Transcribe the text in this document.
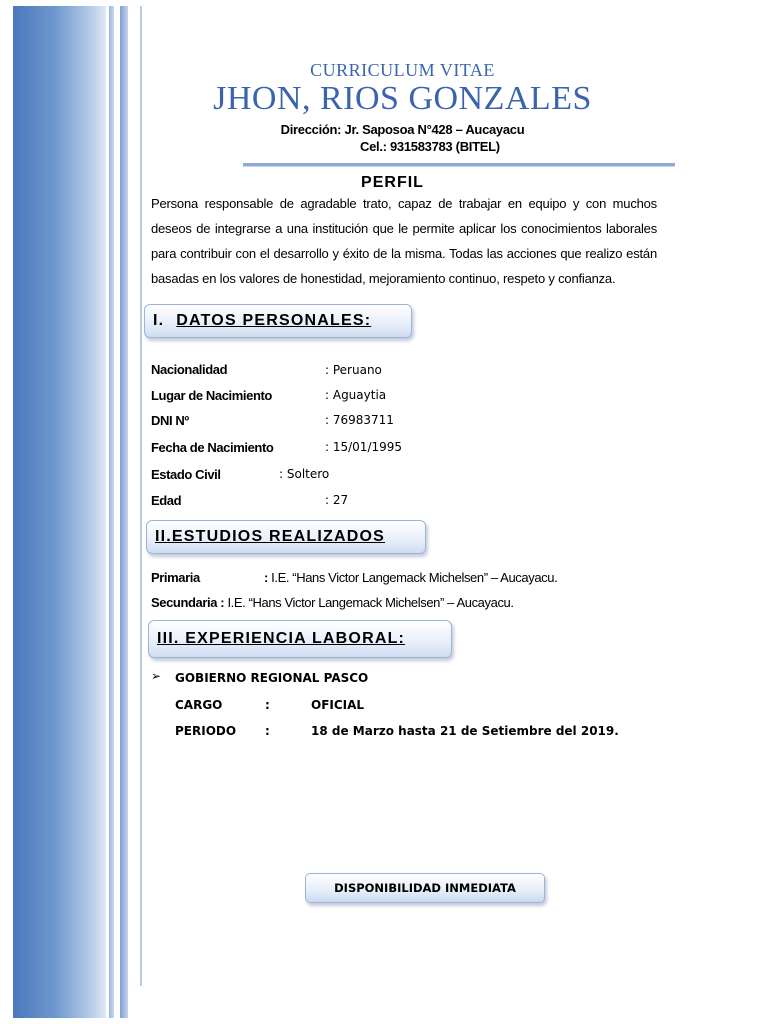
CURRICULUM VITAE
JHON, RIOS GONZALES
Dirección: Jr. Saposoa N°428 – Aucayacu
Cel.: 931583783 (BITEL)
PERFIL
Persona responsable de agradable trato, capaz de trabajar en equipo y con muchos deseos de integrarse a una institución que le permite aplicar los conocimientos laborales para contribuir con el desarrollo y éxito de la misma. Todas las acciones que realizo están basadas en los valores de honestidad, mejoramiento continuo, respeto y confianza.
I. DATOS PERSONALES:
Nacionalidad	: Peruano
Lugar de Nacimiento	: Aguaytia
DNI Nº	: 76983711
Fecha de Nacimiento	: 15/01/1995
Estado Civil	: Soltero
Edad	: 27
II.ESTUDIOS REALIZADOS
Primaria	: I.E. “Hans Victor Langemack Michelsen” – Aucayacu.
Secundaria : I.E. “Hans Victor Langemack Michelsen” – Aucayacu.
III. EXPERIENCIA LABORAL:
➢ GOBIERNO REGIONAL PASCO
CARGO	:	OFICIAL
PERIODO :	18 de Marzo hasta 21 de Setiembre del 2019.
DISPONIBILIDAD INMEDIATA
